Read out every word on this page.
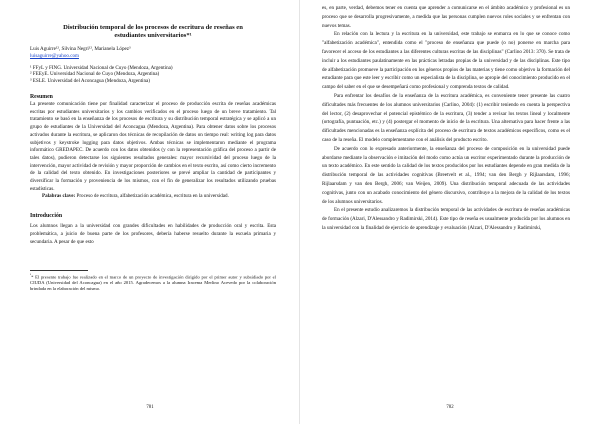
Distribución temporal de los procesos de escritura de reseñas en estudiantes universitarios*¹

Luis Aguirre¹², Silvina Negri¹², Marianela López³

luisaguirre@yahoo.com

¹ FFyL y FING. Universidad Nacional de Cuyo (Mendoza, Argentina)

² FEEyE. Universidad Nacional de Cuyo (Mendoza, Argentina)

³ ESLE. Universidad del Aconcagua (Mendoza, Argentina)

Resumen

La presente comunicación tiene por finalidad caracterizar el proceso de producción escrita de reseñas académicas escritas por estudiantes universitarios y los cambios verificados en el proceso luego de un breve tratamiento. Tal tratamiento se basó en la enseñanza de los procesos de escritura y su distribución temporal estratégica y se aplicó a un grupo de estudiantes de la Universidad del Aconcagua (Mendoza, Argentina). Para obtener datos sobre los procesos activados durante la escritura, se aplicaron dos técnicas de recopilación de datos on tiempo real: writing log para datos subjetivos y keystroke logging para datos objetivos. Ambas técnicas se implementaron mediante el programa informático GREDAPEC. De acuerdo con los datos obtenidos (y con la representación gráfica del proceso a partir de tales datos), pudieron detectarse los siguientes resultados generales: mayor recursividad del proceso luego de la intervención, mayor actividad de revisión y mayor proporción de cambios en el texto escrito, así como cierto incremento de la calidad del texto obtenido. En investigaciones posteriores se prevé ampliar la cantidad de participantes y diversificar la formación y proveniencia de los mismos, con el fin de generalizar los resultados utilizando pruebas estadísticas.

Palabras clave: Proceso de escritura, alfabetización académica, escritura en la universidad.

Introducción

Los alumnos llegan a la universidad con grandes dificultades en habilidades de producción oral y escrita. Esta problemática, a juicio de buena parte de los profesores, debería haberse resuelto durante la escuela primaria y secundaria. A pesar de que esto

$^{^1}$* El presente trabajo fue realizado en el marco de un proyecto de investigación dirigido por el primer autor y subsidiado por el CIUDA (Universidad del Aconcagua) en el año 2015. Agradecemos a la alumna Iracema Merlino Acevedo por la colaboración brindada en la elaboración del mismo.

781

es, en parte, verdad, debemos tener en cuenta que aprender a comunicarse en el ámbito académico y profesional es un proceso que se desarrolla progresivamente, a medida que las personas cumplen nuevos roles sociales y se enfrentan con nuevos temas.

En relación con la lectura y la escritura en la universidad, este trabajo se enmarca en lo que se conoce como "alfabetización académica", entendida como el "proceso de enseñanza que puede (o no) ponerse en marcha para favorecer el acceso de los estudiantes a las diferentes culturas escritas de las disciplinas" (Carlino 2013: 370). Se trata de incluir a los estudiantes paulatinamente en las prácticas letradas propias de la universidad y de las disciplinas. Este tipo de alfabetización promueve la participación en los géneros propios de las materias y tiene como objetivo la formación del estudiante para que este leer y escribir como un especialista de la disciplina, se apropie del conocimiento producido en el campo del saber en el que se desempeñará como profesional y comprenda textos de calidad.

Para enfrentar los desafíos de la enseñanza de la escritura académica, es conveniente tener presente las cuatro dificultades más frecuentes de los alumnos universitarios (Carlino, 2004): (1) escribir teniendo en cuenta la perspectiva del lector, (2) desaprovechar el potencial epistémico de la escritura, (3) tender a revisar los textos lineal y localmente (ortografía, puntuación, etc.) y (4) postergar el momento de inicio de la escritura. Una alternativa para hacer frente a las dificultades mencionadas es la enseñanza explícita del proceso de escritura de textos académicos específicos, como es el caso de la reseña. El modelo complementarse con el análisis del producto escrito.

De acuerdo con lo expresado anteriormente, la enseñanza del proceso de composición en la universidad puede abordarse mediante la observación e imitación del modo como actúa un escritor experimentado durante la producción de un texto académico. En este sentido la calidad de los textos producidos por los estudiantes depende en gran medida de la distribución temporal de las actividades cognitivas (Breetvelt et al., 1994; van den Bergh y Rijlaarsdam, 1996; Rijlaarsdam y van den Bergh, 2006; van Weijen, 2009). Una distribución temporal adecuada de las actividades cognitivas, junto con un acabado conocimiento del género discursivo, contribuye a la mejora de la calidad de los textos de los alumnos universitarios.

En el presente estudio analizaremos la distribución temporal de las actividades de escritura de reseñas académicas de formación (Alzari, D'Alessandro y Radimirski, 2014). Este tipo de reseña es usualmente producida por los alumnos en la universidad con la finalidad de ejercicio de aprendizaje y evaluación (Alzari, D'Alessandro y Radimirski,

782
